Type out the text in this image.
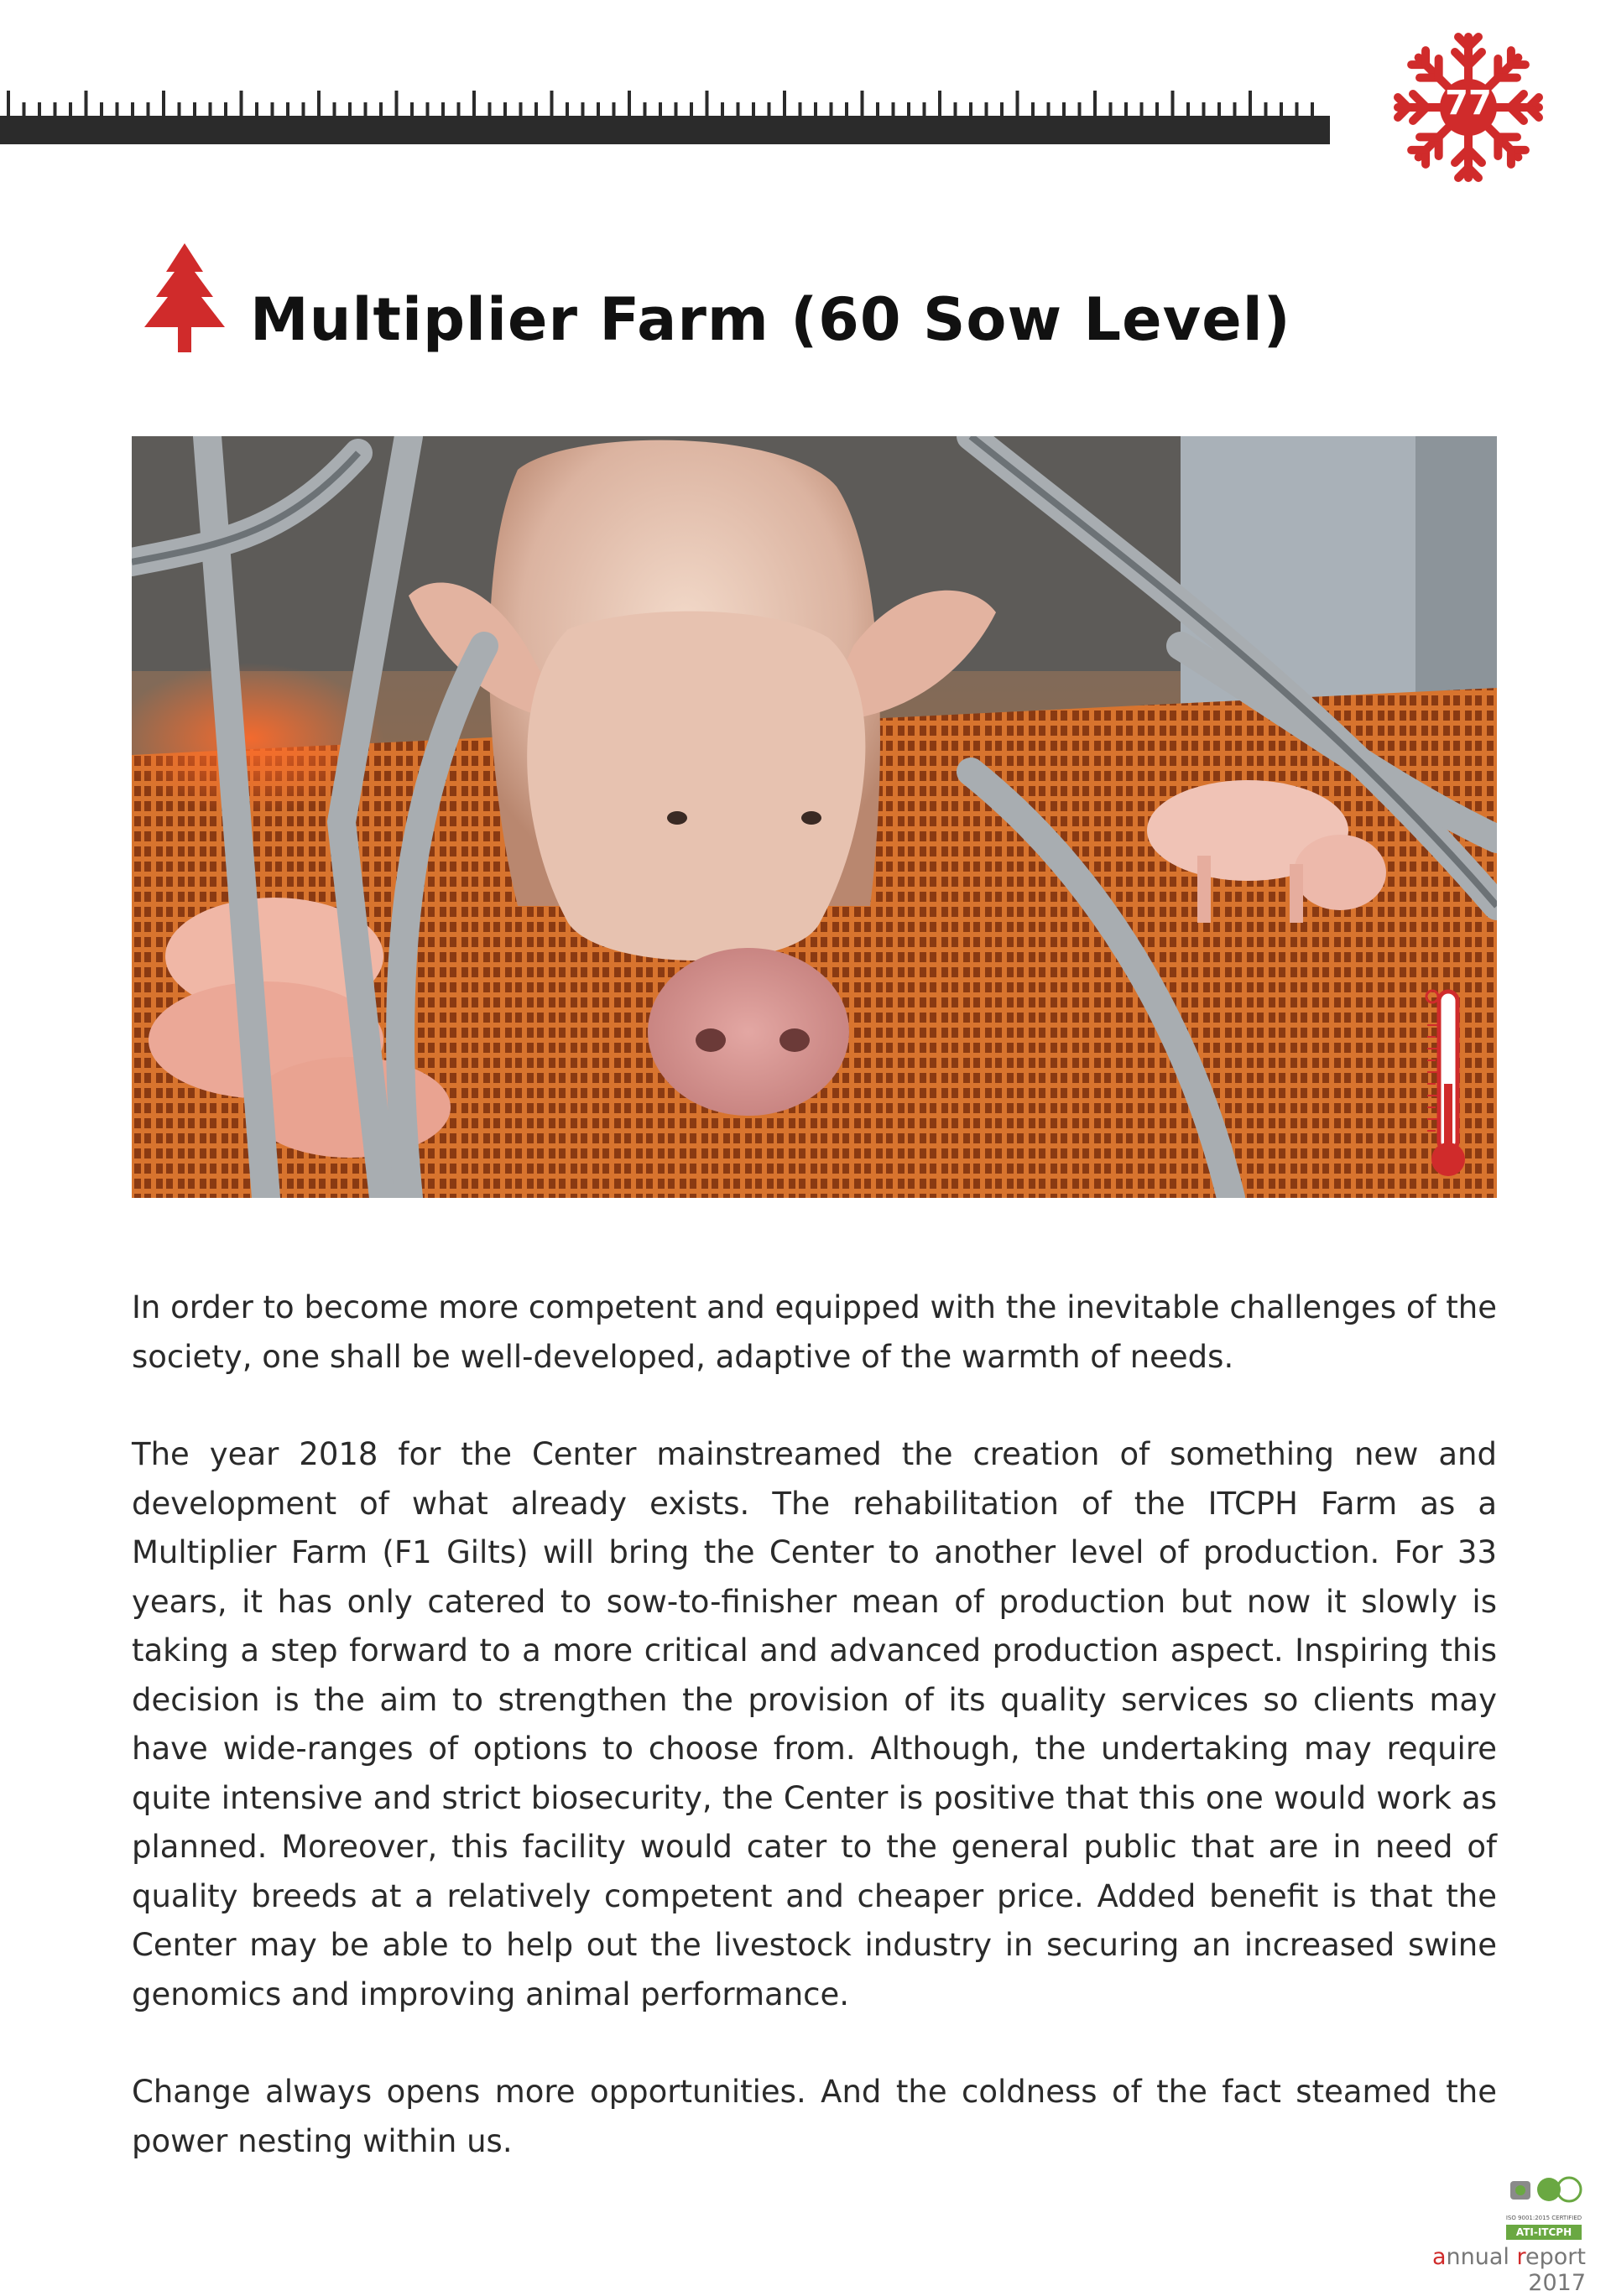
77
Multiplier Farm (60 Sow Level)

In order to become more competent and equipped with the inevitable challenges of the society, one shall be well-developed, adaptive of the warmth of needs.

The year 2018 for the Center mainstreamed the creation of something new and development of what already exists. The rehabilitation of the ITCPH Farm as a Multiplier Farm (F1 Gilts) will bring the Center to another level of production. For 33 years, it has only catered to sow-to-finisher mean of production but now it slowly is taking a step forward to a more critical and advanced production aspect. Inspiring this decision is the aim to strengthen the provision of its quality services so clients may have wide-ranges of options to choose from. Although, the undertaking may require quite intensive and strict biosecurity, the Center is positive that this one would work as planned. Moreover, this facility would cater to the general public that are in need of quality breeds at a relatively competent and cheaper price. Added benefit is that the Center may be able to help out the livestock industry in securing an increased swine genomics and improving animal performance.

Change always opens more opportunities. And the coldness of the fact steamed the power nesting within us.

ISO 9001:2015 CERTIFIED
ATI-ITCPH
annual report 2017
